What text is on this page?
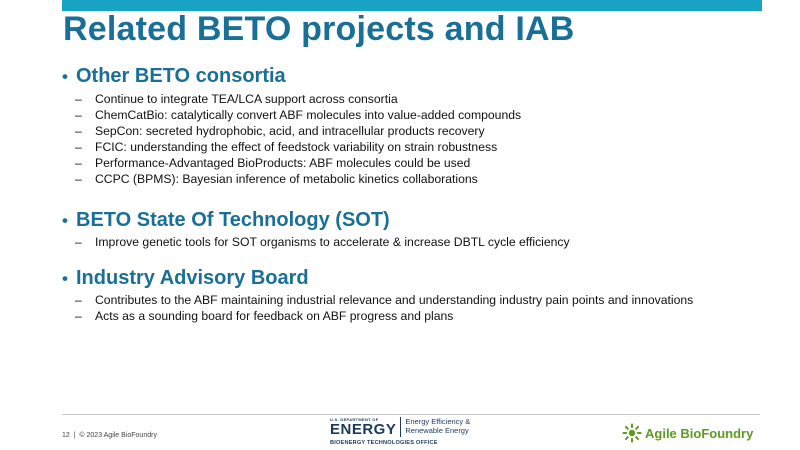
Related BETO projects and IAB
• Other BETO consortia
–	Continue to integrate TEA/LCA support across consortia
–	ChemCatBio: catalytically convert ABF molecules into value-added compounds
–	SepCon: secreted hydrophobic, acid, and intracellular products recovery
–	FCIC: understanding the effect of feedstock variability on strain robustness
–	Performance-Advantaged BioProducts: ABF molecules could be used
–	CCPC (BPMS): Bayesian inference of metabolic kinetics collaborations
• BETO State Of Technology (SOT)
–	Improve genetic tools for SOT organisms to accelerate & increase DBTL cycle efficiency
• Industry Advisory Board
–	Contributes to the ABF maintaining industrial relevance and understanding industry pain points and innovations
–	Acts as a sounding board for feedback on ABF progress and plans
12 | © 2023 Agile BioFoundry
U.S. DEPARTMENT OF
ENERGY Energy Efficiency &
Renewable Energy
BIOENERGY TECHNOLOGIES OFFICE
Agile BioFoundry
